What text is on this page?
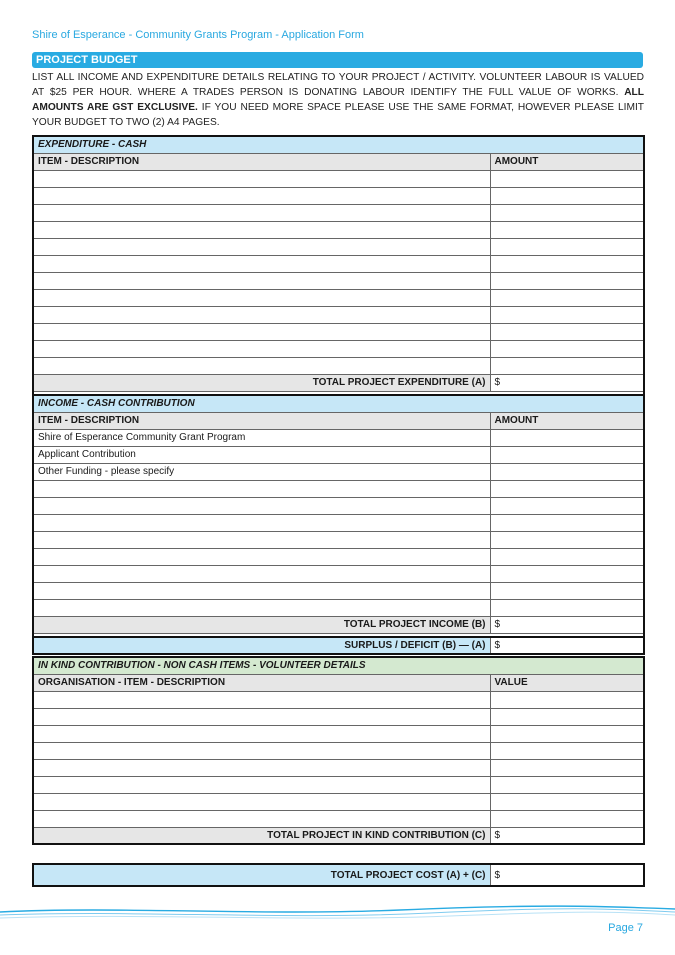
Shire of Esperance - Community Grants Program - Application Form
PROJECT BUDGET

LIST ALL INCOME AND EXPENDITURE DETAILS RELATING TO YOUR PROJECT / ACTIVITY. VOLUNTEER LABOUR IS VALUED AT $25 PER HOUR. WHERE A TRADES PERSON IS DONATING LABOUR IDENTIFY THE FULL VALUE OF WORKS. ALL AMOUNTS ARE GST EXCLUSIVE. IF YOU NEED MORE SPACE PLEASE USE THE SAME FORMAT, HOWEVER PLEASE LIMIT YOUR BUDGET TO TWO (2) A4 PAGES.

EXPENDITURE - CASH	
ITEM - DESCRIPTION	AMOUNT

TOTAL PROJECT EXPENDITURE (A)	$

INCOME - CASH CONTRIBUTION	
ITEM - DESCRIPTION	AMOUNT
Shire of Esperance Community Grant Program	
Applicant Contribution	
Other Funding - please specify	

TOTAL PROJECT INCOME (B)	$

SURPLUS / DEFICIT (B) — (A)	$
IN KIND CONTRIBUTION - NON CASH ITEMS - VOLUNTEER DETAILS	
ORGANISATION - ITEM - DESCRIPTION	VALUE

TOTAL PROJECT IN KIND CONTRIBUTION (C)	$
TOTAL PROJECT COST (A) + (C)	$
Page 7
